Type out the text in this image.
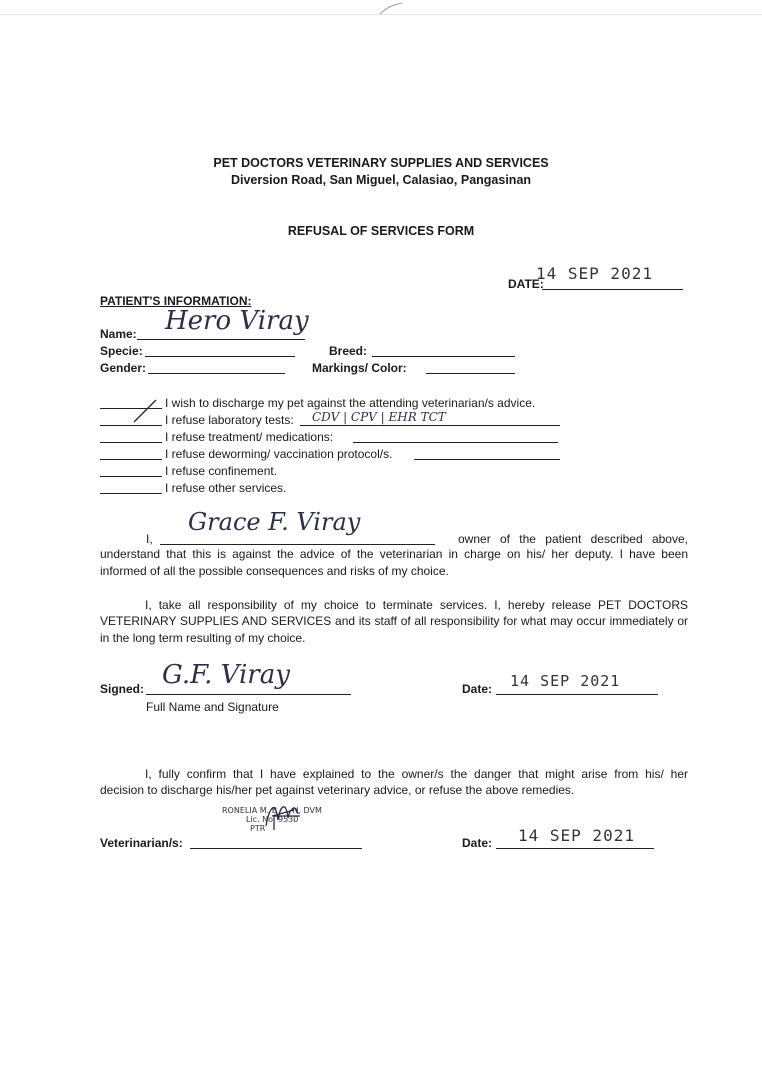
PET DOCTORS VETERINARY SUPPLIES AND SERVICES
Diversion Road, San Miguel, Calasiao, Pangasinan
REFUSAL OF SERVICES FORM
DATE:
14 SEP 2021
PATIENT'S INFORMATION:
Name: Hero Viray
Specie:	Breed:
Gender:	Markings/ Color:
I wish to discharge my pet against the attending veterinarian/s advice.
I refuse laboratory tests: CDV | CPV | EHR TCT
I refuse treatment/ medications:
I refuse deworming/ vaccination protocol/s.
I refuse confinement.
I refuse other services.
I,
Grace F. Viray
owner of the patient described above,
understand that this is against the advice of the veterinarian in charge on his/ her deputy. I have been
informed of all the possible consequences and risks of my choice.
I, take all responsibility of my choice to terminate services. I, hereby release PET DOCTORS
VETERINARY SUPPLIES AND SERVICES and its staff of all responsibility for what may occur immediately or
in the long term resulting of my choice.
Signed: G.F. Viray
Full Name and Signature
Date: 14 SEP 2021
I, fully confirm that I have explained to the owner/s the danger that might arise from his/ her
decision to discharge his/her pet against veterinary advice, or refuse the above remedies.
RONELIA M. B N, DVM
Lic. No. 9530
PTR
Veterinarian/s:	Date: 14 SEP 2021
